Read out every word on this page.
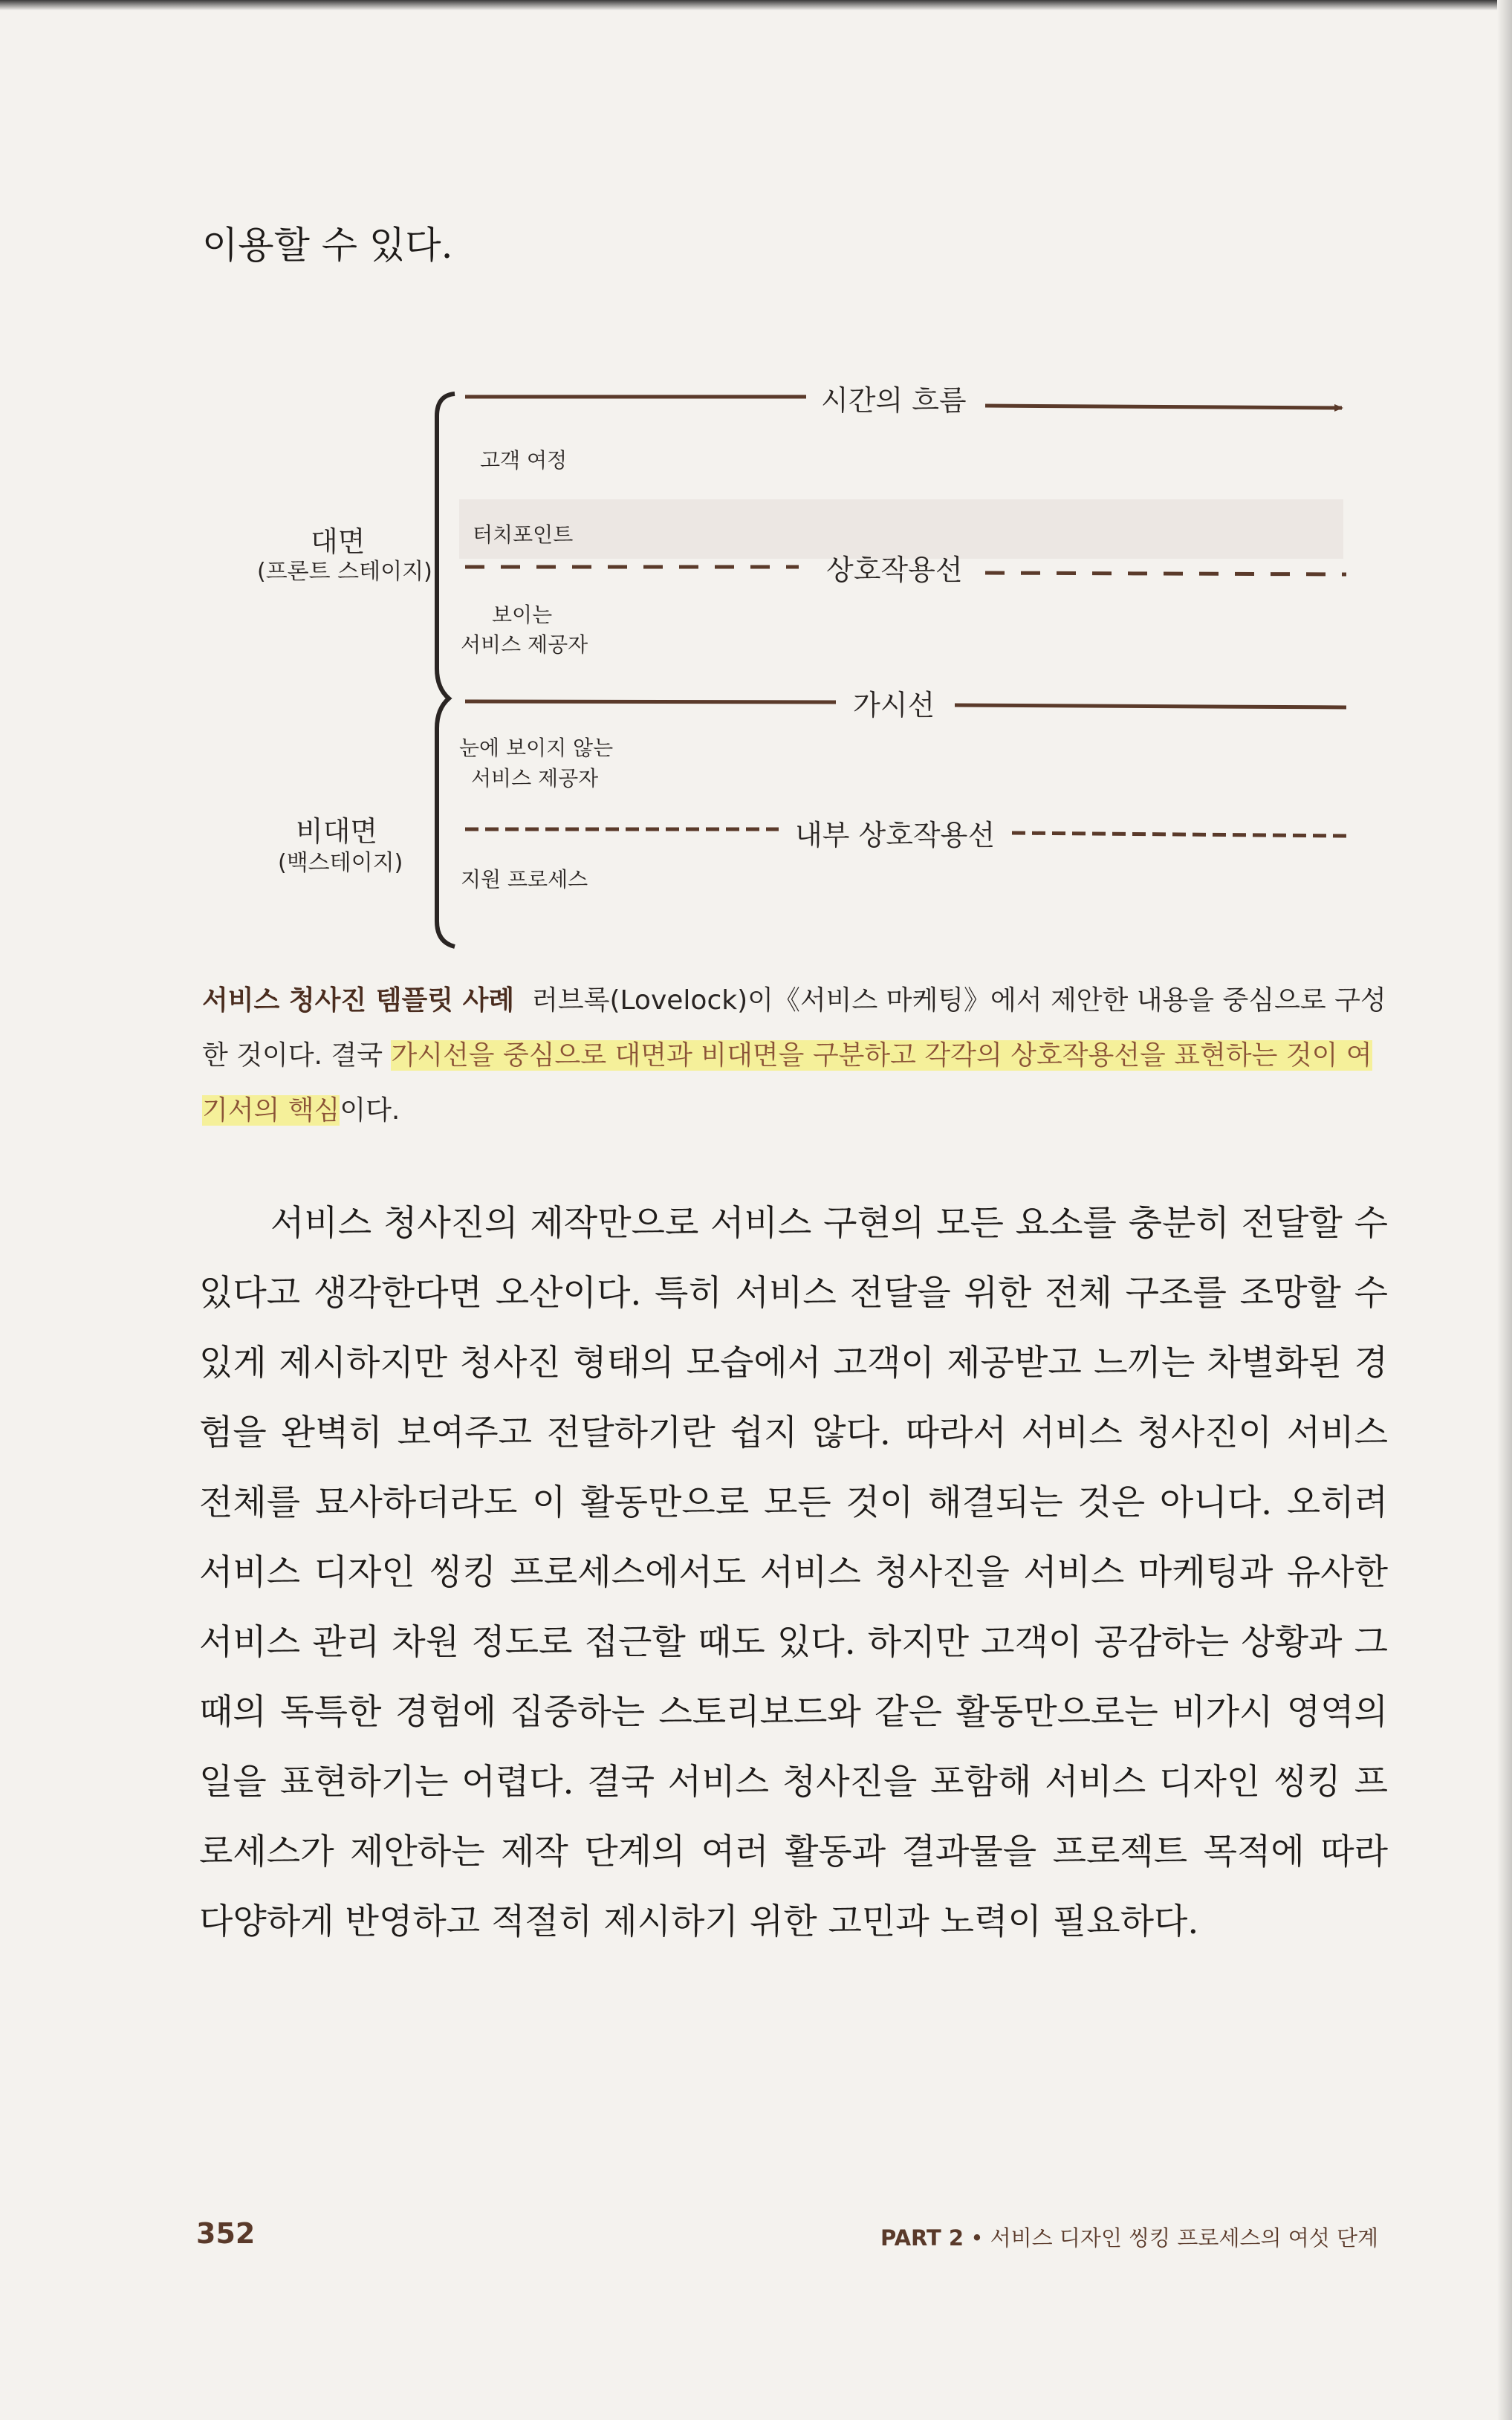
이용할 수 있다.
시간의 흐름
고객 여정
터치포인트
상호작용선
보이는
서비스 제공자
가시선
눈에 보이지 않는
서비스 제공자
내부 상호작용선
지원 프로세스
대면
(프론트 스테이지)
비대면
(백스테이지)
서비스 청사진 템플릿 사례 러브록(Lovelock)이《서비스 마케팅》에서 제안한 내용을 중심으로 구성한 것이다. 결국 가시선을 중심으로 대면과 비대면을 구분하고 각각의 상호작용선을 표현하는 것이 여기서의 핵심이다.
서비스 청사진의 제작만으로 서비스 구현의 모든 요소를 충분히 전달할 수 있다고 생각한다면 오산이다. 특히 서비스 전달을 위한 전체 구조를 조망할 수 있게 제시하지만 청사진 형태의 모습에서 고객이 제공받고 느끼는 차별화된 경험을 완벽히 보여주고 전달하기란 쉽지 않다. 따라서 서비스 청사진이 서비스 전체를 묘사하더라도 이 활동만으로 모든 것이 해결되는 것은 아니다. 오히려 서비스 디자인 씽킹 프로세스에서도 서비스 청사진을 서비스 마케팅과 유사한 서비스 관리 차원 정도로 접근할 때도 있다. 하지만 고객이 공감하는 상황과 그때의 독특한 경험에 집중하는 스토리보드와 같은 활동만으로는 비가시 영역의 일을 표현하기는 어렵다. 결국 서비스 청사진을 포함해 서비스 디자인 씽킹 프로세스가 제안하는 제작 단계의 여러 활동과 결과물을 프로젝트 목적에 따라 다양하게 반영하고 적절히 제시하기 위한 고민과 노력이 필요하다.
352	PART 2 • 서비스 디자인 씽킹 프로세스의 여섯 단계
